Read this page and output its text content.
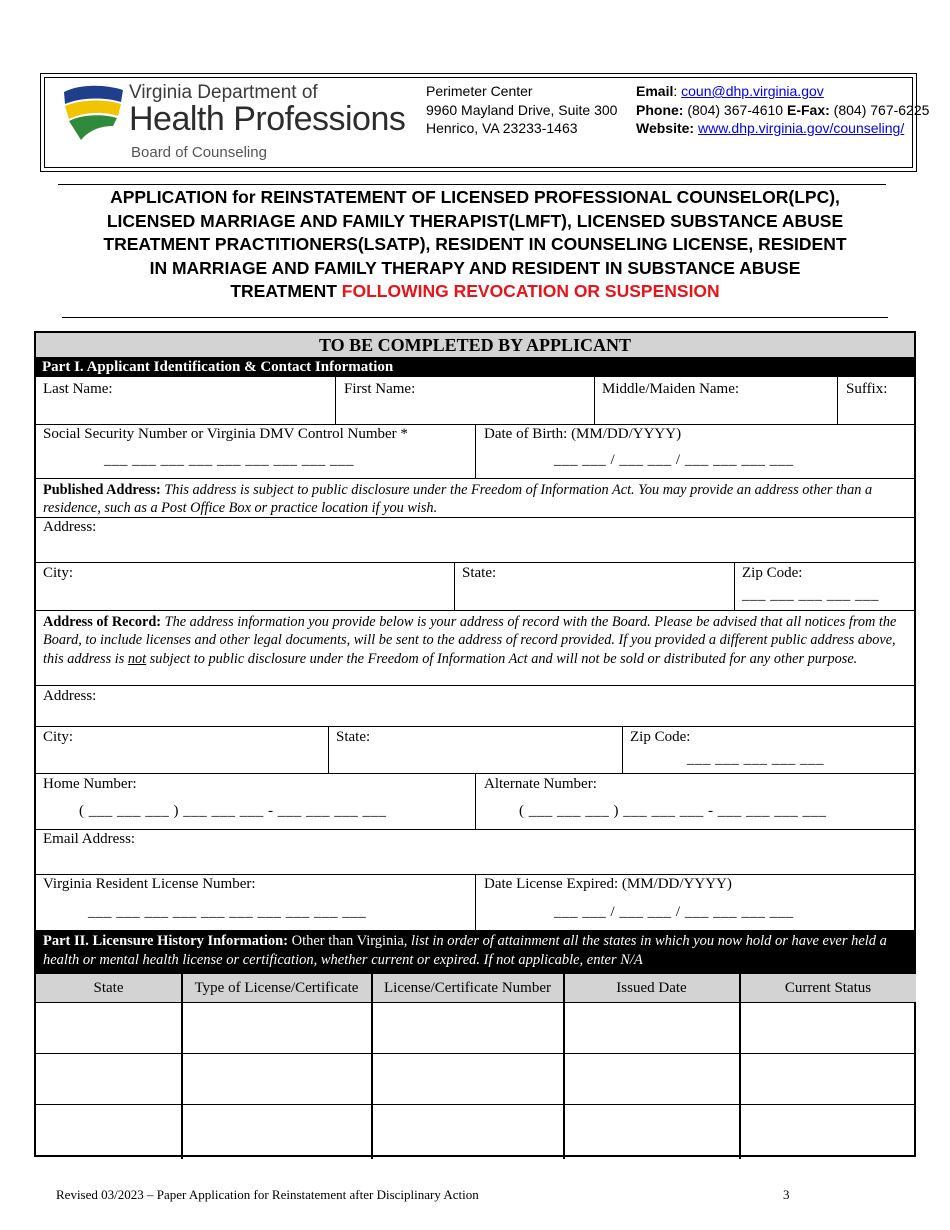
Virginia Department of
Health Professions
Board of Counseling
Perimeter Center
9960 Mayland Drive, Suite 300
Henrico, VA 23233-1463
Email: coun@dhp.virginia.gov
Phone: (804) 367-4610 E-Fax: (804) 767-6225
Website: www.dhp.virginia.gov/counseling/
APPLICATION for REINSTATEMENT OF LICENSED PROFESSIONAL COUNSELOR(LPC),
LICENSED MARRIAGE AND FAMILY THERAPIST(LMFT), LICENSED SUBSTANCE ABUSE
TREATMENT PRACTITIONERS(LSATP), RESIDENT IN COUNSELING LICENSE, RESIDENT
IN MARRIAGE AND FAMILY THERAPY AND RESIDENT IN SUBSTANCE ABUSE
TREATMENT FOLLOWING REVOCATION OR SUSPENSION
TO BE COMPLETED BY APPLICANT
Part I. Applicant Identification & Contact Information
Last Name:	First Name:	Middle/Maiden Name:	Suffix:
Social Security Number or Virginia DMV Control Number *
___ ___ ___ ___ ___ ___ ___ ___ ___
Date of Birth: (MM/DD/YYYY)
___ ___ / ___ ___ / ___ ___ ___ ___
Published Address: This address is subject to public disclosure under the Freedom of Information Act. You may provide an address other than a residence, such as a Post Office Box or practice location if you wish.
Address:
City:	State:	Zip Code:
___ ___ ___ ___ ___
Address of Record: The address information you provide below is your address of record with the Board. Please be advised that all notices from the Board, to include licenses and other legal documents, will be sent to the address of record provided. If you provided a different public address above, this address is not subject to public disclosure under the Freedom of Information Act and will not be sold or distributed for any other purpose.
Address:
City:	State:	Zip Code:
___ ___ ___ ___ ___
Home Number:
( ___ ___ ___ ) ___ ___ ___ - ___ ___ ___ ___
Alternate Number:
( ___ ___ ___ ) ___ ___ ___ - ___ ___ ___ ___
Email Address:
Virginia Resident License Number:
___ ___ ___ ___ ___ ___ ___ ___ ___ ___
Date License Expired: (MM/DD/YYYY)
___ ___ / ___ ___ / ___ ___ ___ ___
Part II. Licensure History Information: Other than Virginia, list in order of attainment all the states in which you now hold or have ever held a health or mental health license or certification, whether current or expired. If not applicable, enter N/A
State	Type of License/Certificate	License/Certificate Number	Issued Date	Current Status
Revised 03/2023 – Paper Application for Reinstatement after Disciplinary Action	3
